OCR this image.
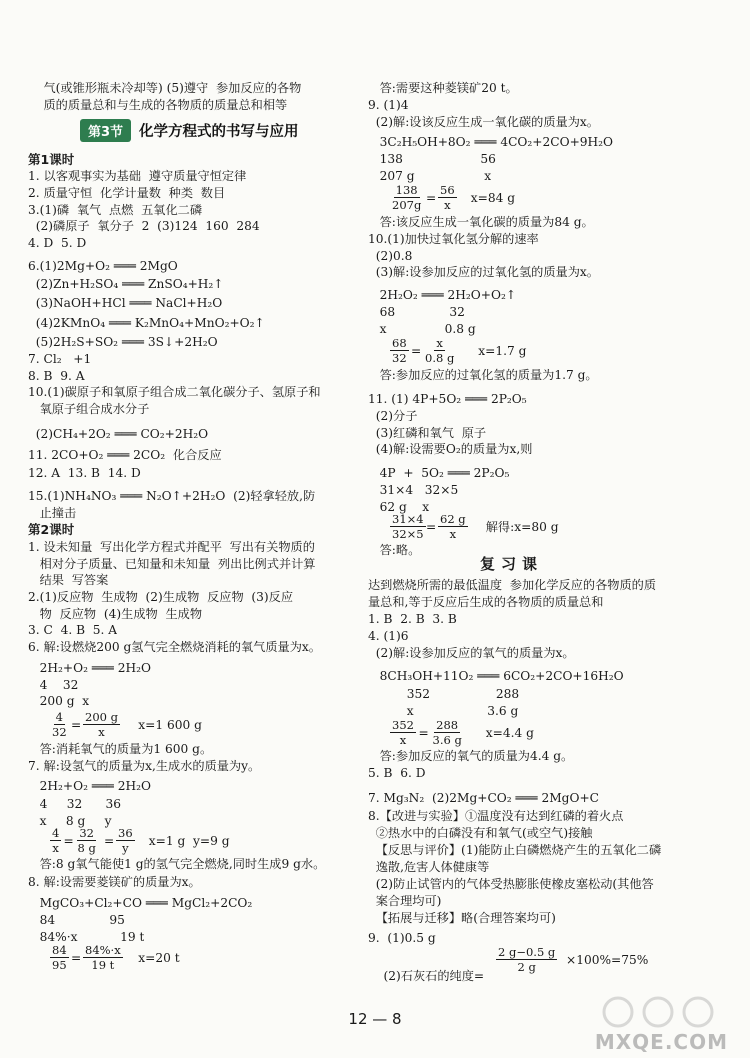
气(或锥形瓶未冷却等) (5)遵守  参加反应的各物
质的质量总和与生成的各物质的质量总和相等
第1课时
1. 以客观事实为基础  遵守质量守恒定律
2. 质量守恒  化学计量数  种类  数目
3.(1)磷  氧气  点燃  五氧化二磷
(2)磷原子  氧分子  2  (3)124  160  284
4. D  5. D
6.(1)2Mg+O₂ ═══ 2MgO
(2)Zn+H₂SO₄ ═══ ZnSO₄+H₂↑
(3)NaOH+HCl ═══ NaCl+H₂O
(4)2KMnO₄ ═══ K₂MnO₄+MnO₂+O₂↑
(5)2H₂S+SO₂ ═══ 3S↓+2H₂O
7. Cl₂   +1
8. B  9. A
10.(1)碳原子和氧原子组合成二氧化碳分子、氢原子和
氧原子组合成水分子
(2)CH₄+2O₂ ═══ CO₂+2H₂O
11. 2CO+O₂ ═══ 2CO₂  化合反应
12. A  13. B  14. D
15.(1)NH₄NO₃ ═══ N₂O↑+2H₂O  (2)轻拿轻放,防
止撞击
第2课时
1. 设未知量  写出化学方程式并配平  写出有关物质的
相对分子质量、已知量和未知量  列出比例式并计算
结果  写答案
2.(1)反应物  生成物  (2)生成物  反应物  (3)反应
物  反应物  (4)生成物  生成物
3. C  4. B  5. A
6. 解:设燃烧200 g氢气完全燃烧消耗的氧气质量为x。
2H₂+O₂ ═══ 2H₂O
4    32
200 g  x
答:消耗氧气的质量为1 600 g。
7. 解:设氢气的质量为x,生成水的质量为y。
2H₂+O₂ ═══ 2H₂O
4     32      36
x     8 g     y
答:8 g氧气能使1 g的氢气完全燃烧,同时生成9 g水。
8. 解:设需要菱镁矿的质量为x。
MgCO₃+Cl₂+CO ═══ MgCl₂+2CO₂
84              95
84%·x           19 t
$\frac{4}{32} = \frac{200 g}{x} x=1$ 600 g
$\frac{4}{x} = \frac{32}{8 g} = \frac{36}{y} x=1$ g  y=9 g
$\frac{84}{95} = \frac{84\%\cdot x}{19 t} x=20$ t
答:需要这种菱镁矿20 t。
9. (1)4
(2)解:设该反应生成一氧化碳的质量为x。
3C₂H₅OH+8O₂ ═══ 4CO₂+2CO+9H₂O
138                    56
207 g                  x
答:该反应生成一氧化碳的质量为84 g。
10.(1)加快过氧化氢分解的速率
(2)0.8
(3)解:设参加反应的过氧化氢的质量为x。
2H₂O₂ ═══ 2H₂O+O₂↑
68              32
x               0.8 g
答:参加反应的过氧化氢的质量为1.7 g。
11. (1) 4P+5O₂ ═══ 2P₂O₅
(2)分子
(3)红磷和氧气  原子
(4)解:设需要O₂的质量为x,则
4P  +  5O₂ ═══ 2P₂O₅
31×4   32×5
62 g    x
答:略。
达到燃烧所需的最低温度  参加化学反应的各物质的质
量总和,等于反应后生成的各物质的质量总和
1. B  2. B  3. B
4. (1)6
(2)解:设参加反应的氧气的质量为x。
8CH₃OH+11O₂ ═══ 6CO₂+2CO+16H₂O
352                 288
x                   3.6 g
答:参加反应的氧气的质量为4.4 g。
5. B  6. D
7. Mg₃N₂  (2)2Mg+CO₂ ═══ 2MgO+C
8.【改进与实验】①温度没有达到红磷的着火点
②热水中的白磷没有和氧气(或空气)接触
【反思与评价】(1)能防止白磷燃烧产生的五氧化二磷
逸散,危害人体健康等
(2)防止试管内的气体受热膨胀使橡皮塞松动(其他答
案合理均可)
【拓展与迁移】略(合理答案均可)
9.  (1)0.5 g
$\frac{138}{207g} = \frac{56}{x} x=84$ g
$\frac{68}{32} = \frac{x}{0.8 g} x=1.7$ g
$\frac{31\times 4}{32\times 5} = \frac{62 g}{x}$ 解得:x=80 g
$\frac{352}{x} = \frac{288}{3.6 g} x=4.4$ g
第3节	化学方程式的书写与应用
复习课

(2)石灰石的纯度=

$\frac{2 g-0.5 g}{2 g} \times 100\%=75\%$
12 — 8
MXQE.COM
